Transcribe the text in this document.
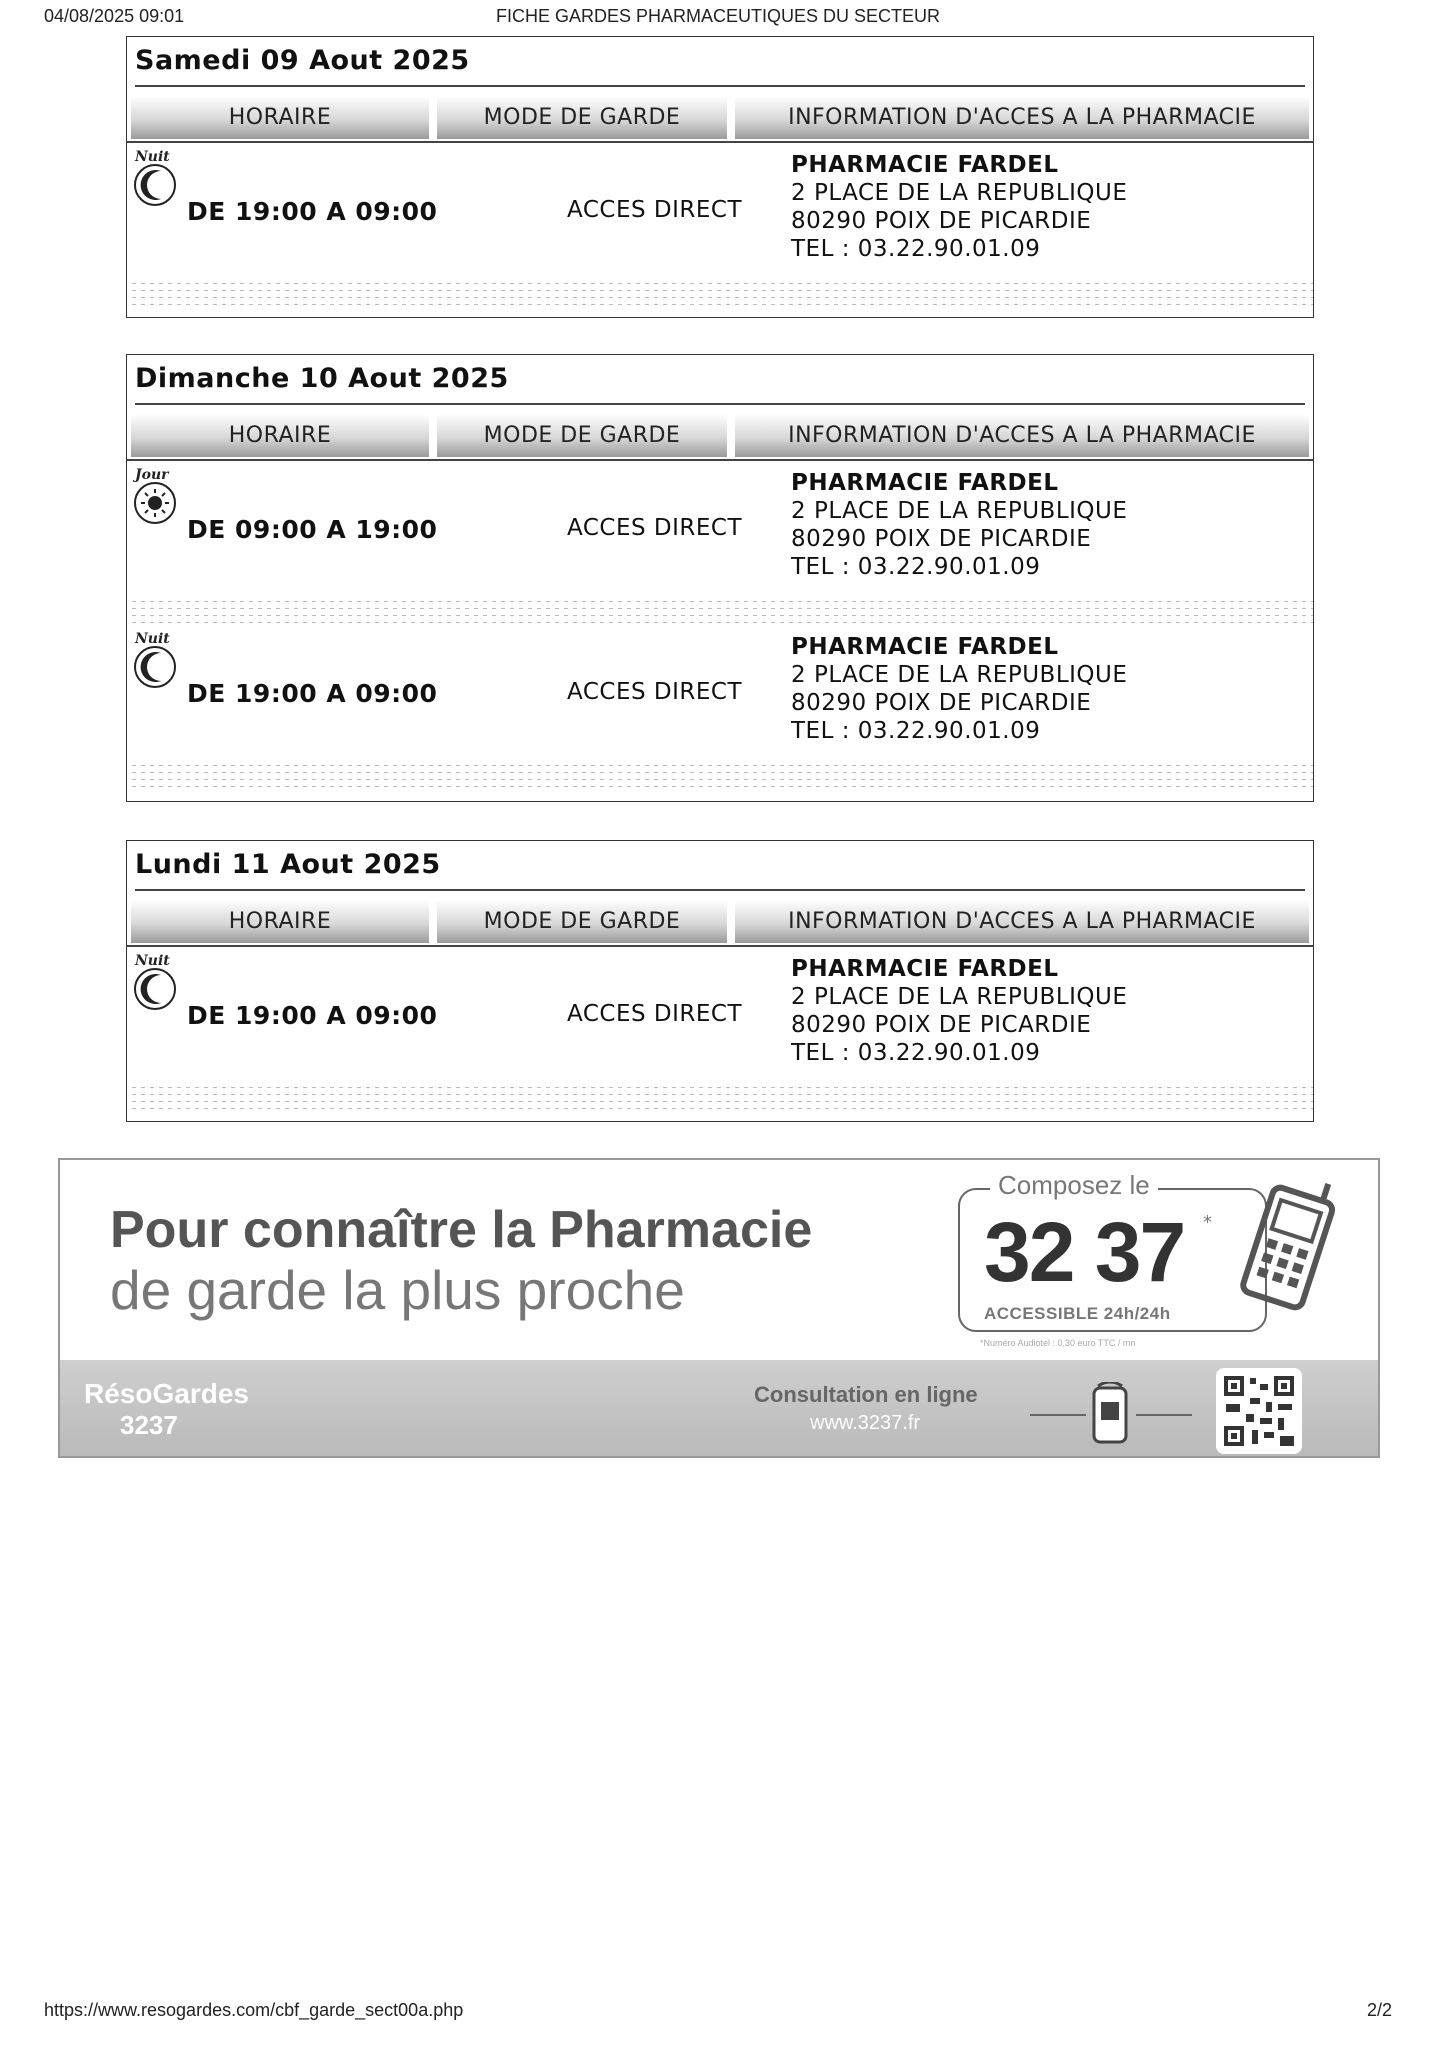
04/08/2025 09:01	FICHE GARDES PHARMACEUTIQUES DU SECTEUR
Samedi 09 Aout 2025
HORAIRE	MODE DE GARDE	INFORMATION D'ACCES A LA PHARMACIE
Nuit
DE 19:00 A 09:00	ACCES DIRECT
PHARMACIE FARDEL
2 PLACE DE LA REPUBLIQUE
80290 POIX DE PICARDIE
TEL : 03.22.90.01.09
Dimanche 10 Aout 2025
HORAIRE	MODE DE GARDE	INFORMATION D'ACCES A LA PHARMACIE
Jour
DE 09:00 A 19:00	ACCES DIRECT
PHARMACIE FARDEL
2 PLACE DE LA REPUBLIQUE
80290 POIX DE PICARDIE
TEL : 03.22.90.01.09
Nuit
DE 19:00 A 09:00	ACCES DIRECT
PHARMACIE FARDEL
2 PLACE DE LA REPUBLIQUE
80290 POIX DE PICARDIE
TEL : 03.22.90.01.09
Lundi 11 Aout 2025
HORAIRE	MODE DE GARDE	INFORMATION D'ACCES A LA PHARMACIE
Nuit
DE 19:00 A 09:00	ACCES DIRECT
PHARMACIE FARDEL
2 PLACE DE LA REPUBLIQUE
80290 POIX DE PICARDIE
TEL : 03.22.90.01.09
Pour connaître la Pharmacie
de garde la plus proche
Composez le
32 37 *
ACCESSIBLE 24h/24h
*Numéro Audiotel : 0,30 euro TTC / mn
RésoGardes
3237
Consultation en ligne
www.3237.fr
https://www.resogardes.com/cbf_garde_sect00a.php	2/2
